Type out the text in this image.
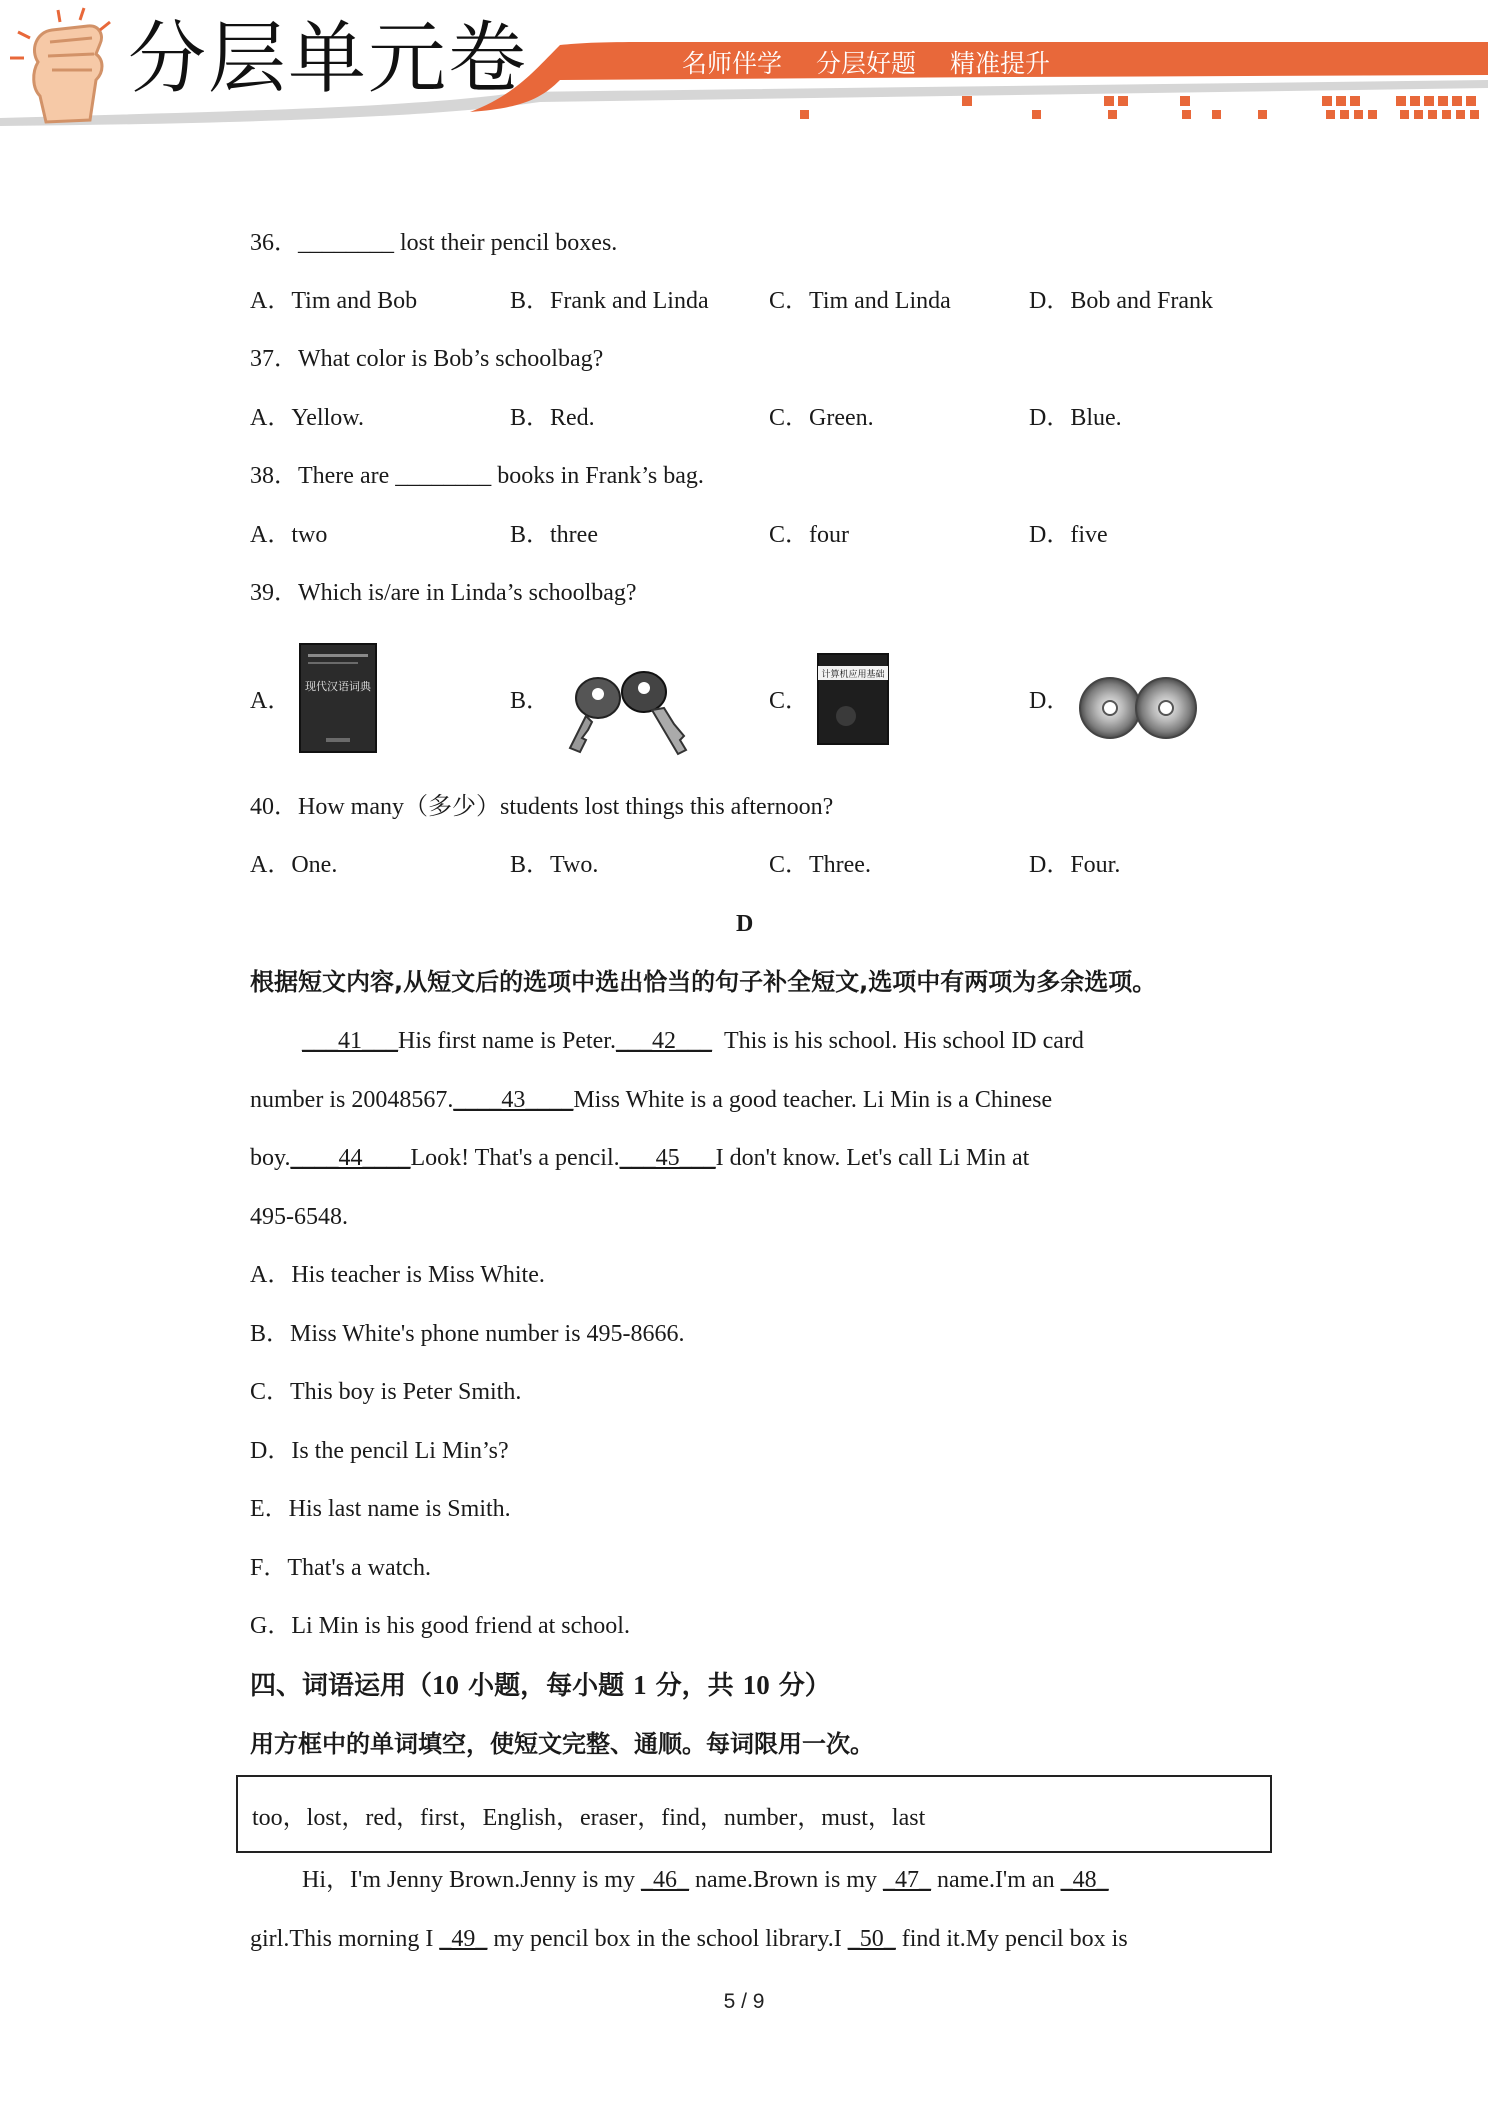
分层单元卷	名师伴学 分层好题 精准提升
36．________ lost their pencil boxes.
A．Tim and Bob	B．Frank and Linda	C．Tim and Linda	D．Bob and Frank
37．What color is Bob’s schoolbag?
A．Yellow.	B．Red.	C．Green.	D．Blue.
38．There are ________ books in Frank’s bag.
A．two	B．three	C．four	D．five
39．Which is/are in Linda’s schoolbag?
A．	B．	C．	D．
现代汉语词典
计算机应用基础
40．How many（多少）students lost things this afternoon?
A．One.	B．Two.	C．Three.	D．Four.
D
根据短文内容,从短文后的选项中选出恰当的句子补全短文,选项中有两项为多余选项。
___41___His first name is Peter.___42___ This is his school. His school ID card
number is 20048567.____43____Miss White is a good teacher. Li Min is a Chinese
boy.____44____Look! That's a pencil.___45___I don't know. Let's call Li Min at
495-6548.
A．His teacher is Miss White.
B．Miss White's phone number is 495-8666.
C．This boy is Peter Smith.
D．Is the pencil Li Min’s?
E．His last name is Smith.
F．That's a watch.
G．Li Min is his good friend at school.
四、词语运用（10 小题，每小题 1 分，共 10 分）
用方框中的单词填空，使短文完整、通顺。每词限用一次。
too，lost，red，first，English，eraser，find，number，must，last
Hi，I'm Jenny Brown.Jenny is my _46_ name.Brown is my _47_ name.I'm an _48_
girl.This morning I _49_ my pencil box in the school library.I _50_ find it.My pencil box is
5 / 9
